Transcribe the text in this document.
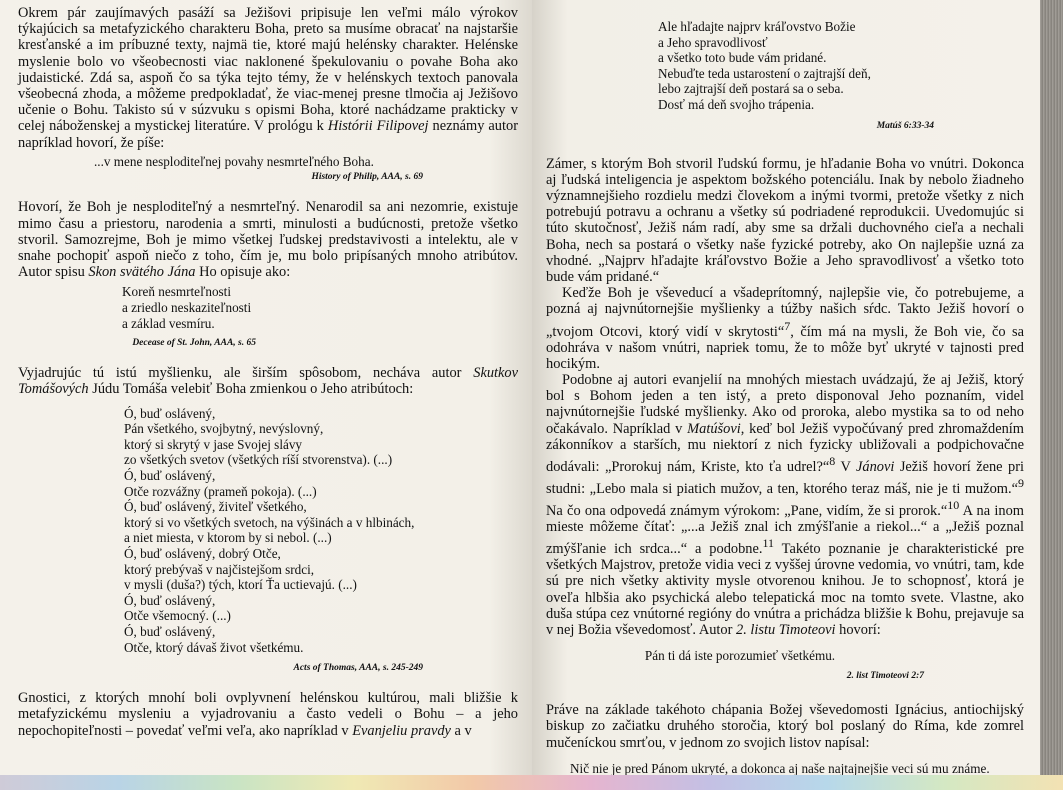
Okrem pár zaujímavých pasáží sa Ježišovi pripisuje len veľmi málo výrokov týkajúcich sa metafyzického charakteru Boha, preto sa musíme obracať na najstaršie kresťanské a im príbuzné texty, najmä tie, ktoré majú helénsky charakter. Helénske myslenie bolo vo všeobecnosti viac naklonené špekulovaniu o povahe Boha ako judaistické. Zdá sa, aspoň čo sa týka tejto témy, že v helénskych textoch panovala všeobecná zhoda, a môžeme predpokladať, že viac-menej presne tlmočia aj Ježišovo učenie o Bohu. Takisto sú v súzvuku s opismi Boha, ktoré nachádzame prakticky v celej náboženskej a mystickej literatúre. V prológu k Histórii Filipovej neznámy autor napríklad hovorí, že píše:

...v mene nesploditeľnej povahy nesmrteľného Boha.

History of Philip, AAA, s. 69

Hovorí, že Boh je nesploditeľný a nesmrteľný. Nenarodil sa ani nezomrie, existuje mimo času a priestoru, narodenia a smrti, minulosti a budúcnosti, pretože všetko stvoril. Samozrejme, Boh je mimo všetkej ľudskej predstavivosti a intelektu, ale v snahe pochopiť aspoň niečo z toho, čím je, mu bolo pripísaných mnoho atribútov. Autor spisu Skon svätého Jána Ho opisuje ako:

Koreň nesmrteľnosti

a zriedlo neskaziteľnosti

a základ vesmíru.

Decease of St. John, AAA, s. 65

Vyjadrujúc tú istú myšlienku, ale širším spôsobom, necháva autor Skutkov Tomášových Júdu Tomáša velebiť Boha zmienkou o Jeho atribútoch:

Ó, buď oslávený,

Pán všetkého, svojbytný, nevýslovný,

ktorý si skrytý v jase Svojej slávy

zo všetkých svetov (všetkých ríší stvorenstva). (...)

Ó, buď oslávený,

Otče rozvážny (prameň pokoja). (...)

Ó, buď oslávený, živiteľ všetkého,

ktorý si vo všetkých svetoch, na výšinách a v hlbinách,

a niet miesta, v ktorom by si nebol. (...)

Ó, buď oslávený, dobrý Otče,

ktorý prebývaš v najčistejšom srdci,

v mysli (duša?) tých, ktorí Ťa uctievajú. (...)

Ó, buď oslávený,

Otče všemocný. (...)

Ó, buď oslávený,

Otče, ktorý dávaš život všetkému.

Acts of Thomas, AAA, s. 245-249

Gnostici, z ktorých mnohí boli ovplyvnení helénskou kultúrou, mali bližšie k metafyzickému mysleniu a vyjadrovaniu a často vedeli o Bohu – a jeho nepochopiteľnosti – povedať veľmi veľa, ako napríklad v Evanjeliu pravdy a v

Ale hľadajte najprv kráľovstvo Božie

a Jeho spravodlivosť

a všetko toto bude vám pridané.

Nebuďte teda ustarostení o zajtrajší deň,

lebo zajtrajší deň postará sa o seba.

Dosť má deň svojho trápenia.

Matúš 6:33-34

Zámer, s ktorým Boh stvoril ľudskú formu, je hľadanie Boha vo vnútri. Dokonca aj ľudská inteligencia je aspektom božského potenciálu. Inak by nebolo žiadneho významnejšieho rozdielu medzi človekom a inými tvormi, pretože všetky z nich potrebujú potravu a ochranu a všetky sú podriadené reprodukcii. Uvedomujúc si túto skutočnosť, Ježiš nám radí, aby sme sa držali duchovného cieľa a nechali Boha, nech sa postará o všetky naše fyzické potreby, ako On najlepšie uzná za vhodné. „Najprv hľadajte kráľovstvo Božie a Jeho spravodlivosť a všetko toto bude vám pridané.“

Keďže Boh je vševeducí a všadeprítomný, najlepšie vie, čo potrebujeme, a pozná aj najvnútornejšie myšlienky a túžby našich sŕdc. Takto Ježiš hovorí o „tvojom Otcovi, ktorý vidí v skrytosti“$^7$, čím má na mysli, že Boh vie, čo sa odohráva v našom vnútri, napriek tomu, že to môže byť ukryté v tajnosti pred hocikým.

Podobne aj autori evanjelií na mnohých miestach uvádzajú, že aj Ježiš, ktorý bol s Bohom jeden a ten istý, a preto disponoval Jeho poznaním, videl najvnútornejšie ľudské myšlienky. Ako od proroka, alebo mystika sa to od neho očakávalo. Napríklad v Matúšovi, keď bol Ježiš vypočúvaný pred zhromaždením zákonníkov a starších, mu niektorí z nich fyzicky ubližovali a podpichovačne dodávali: „Prorokuj nám, Kriste, kto ťa udrel?“$^8$ V Jánovi Ježiš hovorí žene pri studni: „Lebo mala si piatich mužov, a ten, ktorého teraz máš, nie je ti mužom.“$^9$ Na čo ona odpovedá známym výrokom: „Pane, vidím, že si prorok.“$^{10}$ A na inom mieste môžeme čítať: „...a Ježiš znal ich zmýšľanie a riekol...“ a „Ježiš poznal zmýšľanie ich srdca...“ a podobne.$^{11}$ Takéto poznanie je charakteristické pre všetkých Majstrov, pretože vidia veci z vyššej úrovne vedomia, vo vnútri, tam, kde sú pre nich všetky aktivity mysle otvorenou knihou. Je to schopnosť, ktorá je oveľa hlbšia ako psychická alebo telepatická moc na tomto svete. Vlastne, ako duša stúpa cez vnútorné regióny do vnútra a prichádza bližšie k Bohu, prejavuje sa v nej Božia vševedomosť. Autor 2. listu Timoteovi hovorí:

Pán ti dá iste porozumieť všetkému.

2. list Timoteovi 2:7

Práve na základe takéhoto chápania Božej vševedomosti Ignácius, antiochijský biskup zo začiatku druhého storočia, ktorý bol poslaný do Ríma, kde zomrel mučeníckou smrťou, v jednom zo svojich listov napísal:

Nič nie je pred Pánom ukryté, a dokonca aj naše najtajnejšie veci sú mu známe.
